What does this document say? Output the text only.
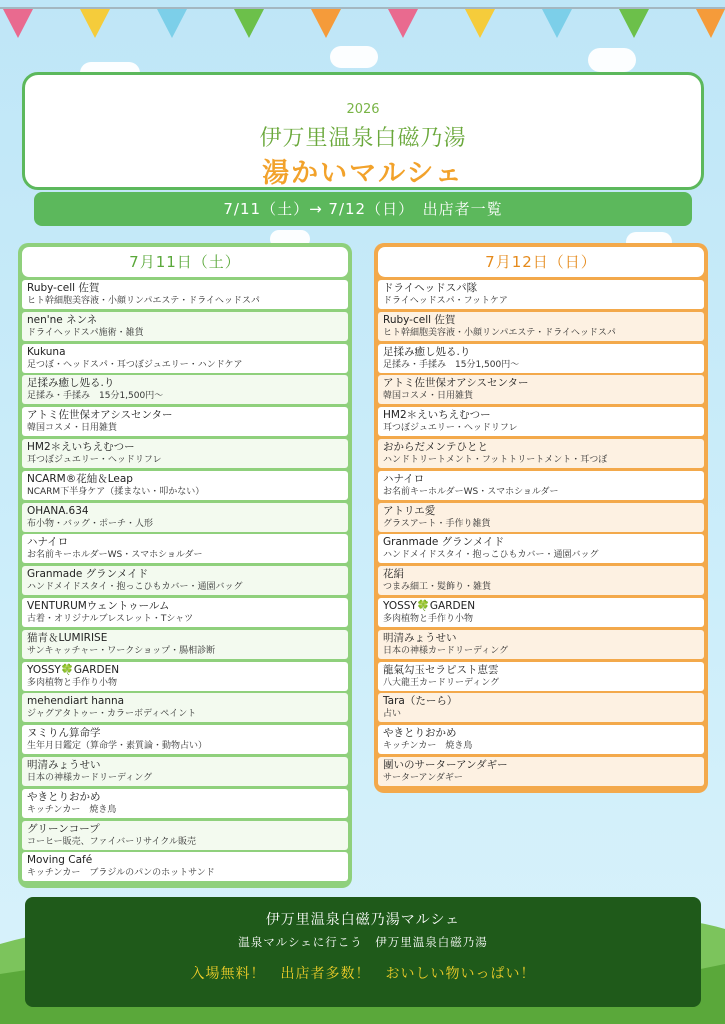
2026
伊万里温泉白磁乃湯
湯かいマルシェ
7/11（土）→ 7/12（日）　出店者一覧
7月11日（土）
Ruby-cell 佐賀
ヒト幹細胞美容液・小顔リンパエステ・ドライヘッドスパ
nen'ne ネンネ
ドライヘッドスパ施術・雑貨
Kukuna
足つぼ・ヘッドスパ・耳つぼジュエリー・ハンドケア
足揉み癒し処る.り
足揉み・手揉み　15分1,500円〜
アトミ佐世保オアシスセンター
韓国コスメ・日用雑貨
HM2＊えいちえむつー
耳つぼジュエリー・ヘッドリフレ
NCARM®花紬＆Leap
NCARM下半身ケア（揉まない・叩かない）
OHANA.634
布小物・バッグ・ポーチ・人形
ハナイロ
お名前キーホルダーWS・スマホショルダー
Granmade グランメイド
ハンドメイドスタイ・抱っこひもカバー・通園バッグ
VENTURUMウェントゥールム
古着・オリジナルブレスレット・Tシャツ
猫青＆LUMIRISE
サンキャッチャー・ワークショップ・腸相診断
YOSSY🍀GARDEN
多肉植物と手作り小物
mehendiart hanna
ジャグアタトゥー・カラーボディペイント
ヌミりん算命学
生年月日鑑定（算命学・素質論・動物占い）
明清みょうせい
日本の神様カードリーディング
やきとりおかめ
キッチンカー　焼き鳥
グリーンコープ
コーヒー販売、ファイバーリサイクル販売
Moving Café
キッチンカー　ブラジルのパンのホットサンド
7月12日（日）
ドライヘッドスパ隊
ドライヘッドスパ・フットケア
Ruby-cell 佐賀
ヒト幹細胞美容液・小顔リンパエステ・ドライヘッドスパ
足揉み癒し処る.り
足揉み・手揉み　15分1,500円〜
アトミ佐世保オアシスセンター
韓国コスメ・日用雑貨
HM2＊えいちえむつー
耳つぼジュエリー・ヘッドリフレ
おからだメンテひとと
ハンドトリートメント・フットトリートメント・耳つぼ
ハナイロ
お名前キーホルダーWS・スマホショルダー
アトリエ愛
グラスアート・手作り雑貨
Granmade グランメイド
ハンドメイドスタイ・抱っこひもカバー・通園バッグ
花絹
つまみ細工・髪飾り・雑貨
YOSSY🍀GARDEN
多肉植物と手作り小物
明清みょうせい
日本の神様カードリーディング
龍氣勾玉セラピスト恵雲
八大龍王カードリーディング
Tara（たーら）
占い
やきとりおかめ
キッチンカー　焼き鳥
團いのサーターアンダギー
サーターアンダギー
伊万里温泉白磁乃湯マルシェ
温泉マルシェに行こう　伊万里温泉白磁乃湯
入場無料！　出店者多数！　おいしい物いっぱい！
